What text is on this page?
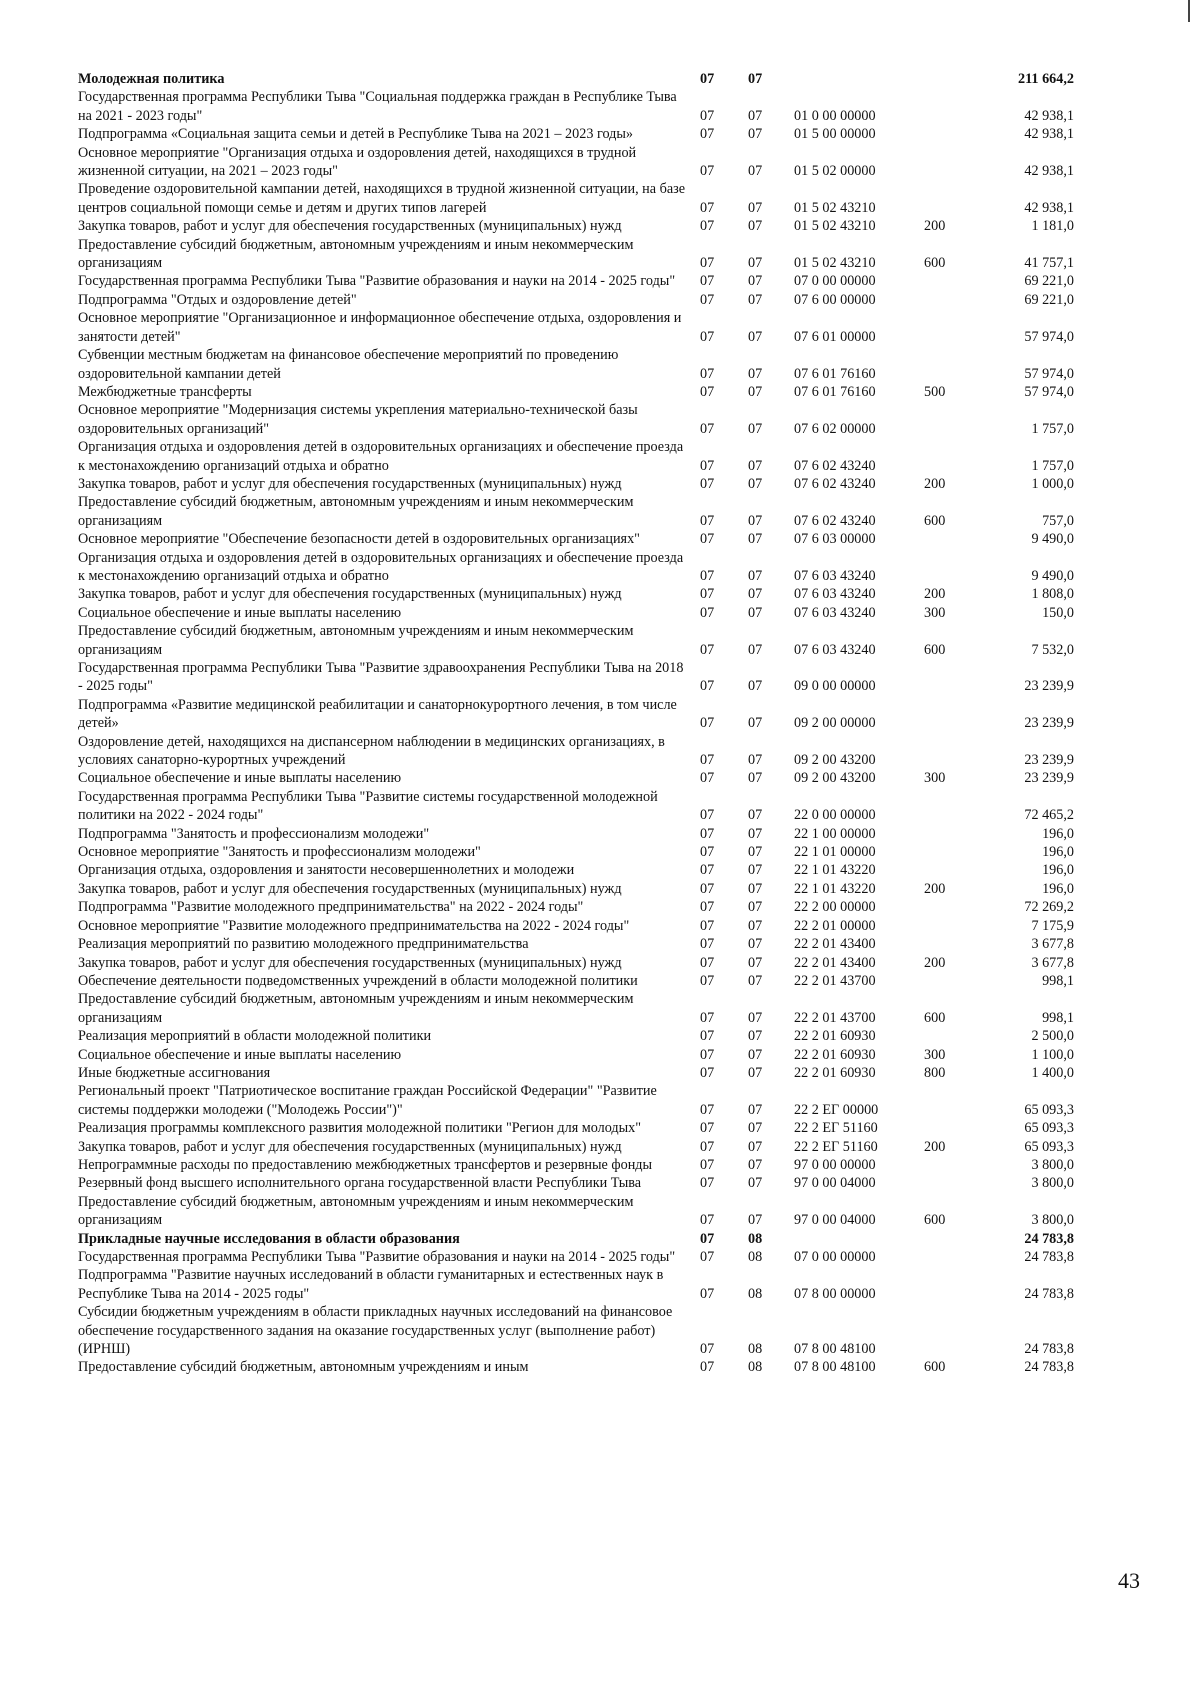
Молодежная политика	07	07	211 664,2
Государственная программа Республики Тыва "Социальная поддержка граждан в Республике Тыва на 2021 - 2023 годы"	07	07	01 0 00 00000	42 938,1
Подпрограмма «Социальная защита семьи и детей в Республике Тыва на 2021 – 2023 годы»	07	07	01 5 00 00000	42 938,1
Основное мероприятие "Организация отдыха и оздоровления детей, находящихся в трудной жизненной ситуации, на 2021 – 2023 годы"	07	07	01 5 02 00000	42 938,1
Проведение оздоровительной кампании детей, находящихся в трудной жизненной ситуации, на базе центров социальной помощи семье и детям и других типов лагерей	07	07	01 5 02 43210	42 938,1
Закупка товаров, работ и услуг для обеспечения государственных (муниципальных) нужд	07	07	01 5 02 43210	200	1 181,0
Предоставление субсидий бюджетным, автономным учреждениям и иным некоммерческим организациям	07	07	01 5 02 43210	600	41 757,1
Государственная программа Республики Тыва "Развитие образования и науки на 2014 - 2025 годы"	07	07	07 0 00 00000	69 221,0
Подпрограмма "Отдых и оздоровление детей"	07	07	07 6 00 00000	69 221,0
Основное мероприятие "Организационное и информационное обеспечение отдыха, оздоровления и занятости детей"	07	07	07 6 01 00000	57 974,0
Субвенции местным бюджетам на финансовое обеспечение мероприятий по проведению оздоровительной кампании детей	07	07	07 6 01 76160	57 974,0
Межбюджетные трансферты	07	07	07 6 01 76160	500	57 974,0
Основное мероприятие "Модернизация системы укрепления материально-технической базы оздоровительных организаций"	07	07	07 6 02 00000	1 757,0
Организация отдыха и оздоровления детей в оздоровительных организациях и обеспечение проезда к местонахождению организаций отдыха и обратно	07	07	07 6 02 43240	1 757,0
Закупка товаров, работ и услуг для обеспечения государственных (муниципальных) нужд	07	07	07 6 02 43240	200	1 000,0
Предоставление субсидий бюджетным, автономным учреждениям и иным некоммерческим организациям	07	07	07 6 02 43240	600	757,0
Основное мероприятие "Обеспечение безопасности детей в оздоровительных организациях"	07	07	07 6 03 00000	9 490,0
Организация отдыха и оздоровления детей в оздоровительных организациях и обеспечение проезда к местонахождению организаций отдыха и обратно	07	07	07 6 03 43240	9 490,0
Закупка товаров, работ и услуг для обеспечения государственных (муниципальных) нужд	07	07	07 6 03 43240	200	1 808,0
Социальное обеспечение и иные выплаты населению	07	07	07 6 03 43240	300	150,0
Предоставление субсидий бюджетным, автономным учреждениям и иным некоммерческим организациям	07	07	07 6 03 43240	600	7 532,0
Государственная программа Республики Тыва "Развитие здравоохранения Республики Тыва на 2018 - 2025 годы"	07	07	09 0 00 00000	23 239,9
Подпрограмма «Развитие медицинской реабилитации и санаторнокурортного лечения, в том числе детей»	07	07	09 2 00 00000	23 239,9
Оздоровление детей, находящихся на диспансерном наблюдении в медицинских организациях, в условиях санаторно-курортных учреждений	07	07	09 2 00 43200	23 239,9
Социальное обеспечение и иные выплаты населению	07	07	09 2 00 43200	300	23 239,9
Государственная программа Республики Тыва "Развитие системы государственной молодежной политики на 2022 - 2024 годы"	07	07	22 0 00 00000	72 465,2
Подпрограмма "Занятость и профессионализм молодежи"	07	07	22 1 00 00000	196,0
Основное мероприятие "Занятость и профессионализм молодежи"	07	07	22 1 01 00000	196,0
Организация отдыха, оздоровления и занятости несовершеннолетних и молодежи	07	07	22 1 01 43220	196,0
Закупка товаров, работ и услуг для обеспечения государственных (муниципальных) нужд	07	07	22 1 01 43220	200	196,0
Подпрограмма "Развитие молодежного предпринимательства" на 2022 - 2024 годы"	07	07	22 2 00 00000	72 269,2
Основное мероприятие "Развитие молодежного предпринимательства на 2022 - 2024 годы"	07	07	22 2 01 00000	7 175,9
Реализация мероприятий по развитию молодежного предпринимательства	07	07	22 2 01 43400	3 677,8
Закупка товаров, работ и услуг для обеспечения государственных (муниципальных) нужд	07	07	22 2 01 43400	200	3 677,8
Обеспечение деятельности подведомственных учреждений в области молодежной политики	07	07	22 2 01 43700	998,1
Предоставление субсидий бюджетным, автономным учреждениям и иным некоммерческим организациям	07	07	22 2 01 43700	600	998,1
Реализация мероприятий в области молодежной политики	07	07	22 2 01 60930	2 500,0
Социальное обеспечение и иные выплаты населению	07	07	22 2 01 60930	300	1 100,0
Иные бюджетные ассигнования	07	07	22 2 01 60930	800	1 400,0
Региональный проект "Патриотическое воспитание граждан Российской Федерации" "Развитие системы поддержки молодежи ("Молодежь России")"	07	07	22 2 ЕГ 00000	65 093,3
Реализация программы комплексного развития молодежной политики "Регион для молодых"	07	07	22 2 ЕГ 51160	65 093,3
Закупка товаров, работ и услуг для обеспечения государственных (муниципальных) нужд	07	07	22 2 ЕГ 51160	200	65 093,3
Непрограммные расходы по предоставлению межбюджетных трансфертов и резервные фонды	07	07	97 0 00 00000	3 800,0
Резервный фонд высшего исполнительного органа государственной власти Республики Тыва	07	07	97 0 00 04000	3 800,0
Предоставление субсидий бюджетным, автономным учреждениям и иным некоммерческим организациям	07	07	97 0 00 04000	600	3 800,0
Прикладные научные исследования в области образования	07	08	24 783,8
Государственная программа Республики Тыва "Развитие образования и науки на 2014 - 2025 годы"	07	08	07 0 00 00000	24 783,8
Подпрограмма "Развитие научных исследований в области гуманитарных и естественных наук в Республике Тыва на 2014 - 2025 годы"	07	08	07 8 00 00000	24 783,8
Субсидии бюджетным учреждениям в области прикладных научных исследований на финансовое обеспечение государственного задания на оказание государственных услуг (выполнение работ) (ИРНШ)	07	08	07 8 00 48100	24 783,8
Предоставление субсидий бюджетным, автономным учреждениям и иным	07	08	07 8 00 48100	600	24 783,8
43
